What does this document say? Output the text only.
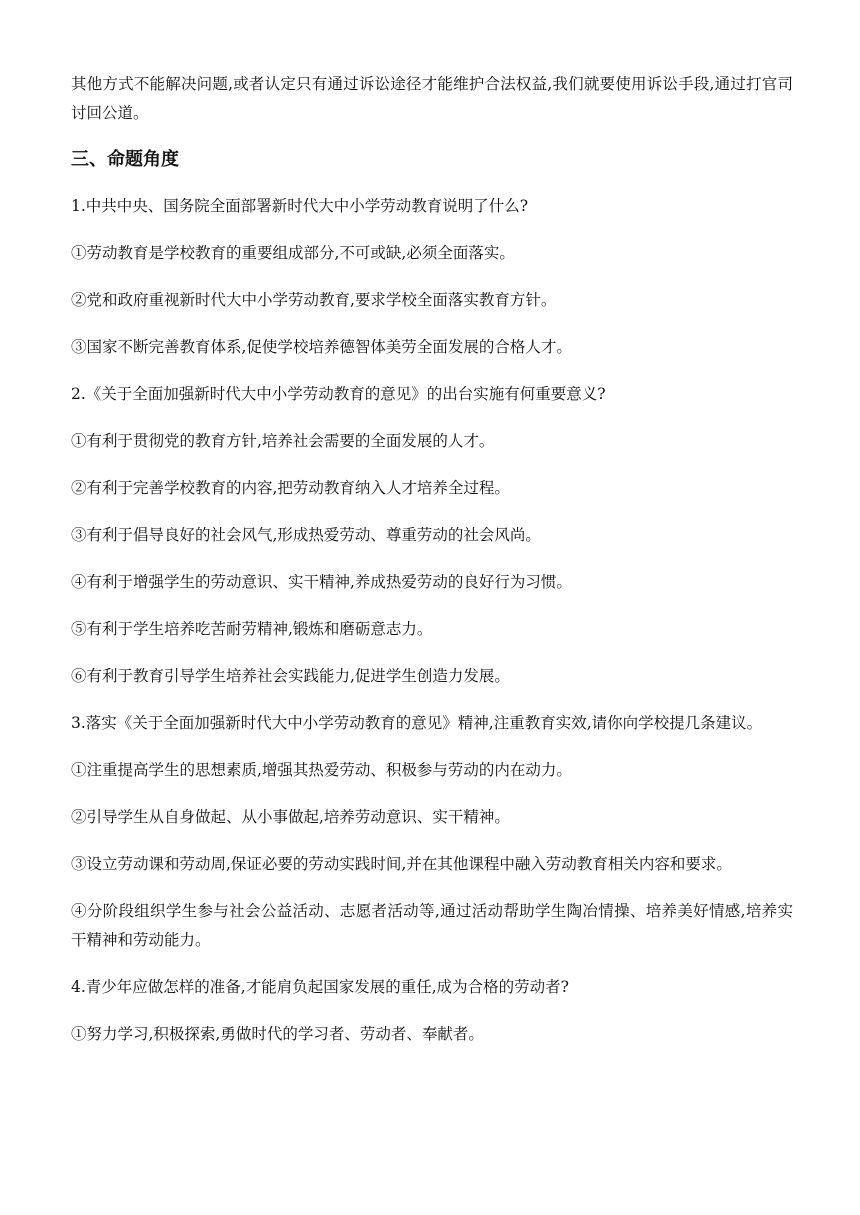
其他方式不能解决问题,或者认定只有通过诉讼途径才能维护合法权益,我们就要使用诉讼手段,通过打官司讨回公道。

三、命题角度

1.中共中央、国务院全面部署新时代大中小学劳动教育说明了什么?

①劳动教育是学校教育的重要组成部分,不可或缺,必须全面落实。

②党和政府重视新时代大中小学劳动教育,要求学校全面落实教育方针。

③国家不断完善教育体系,促使学校培养德智体美劳全面发展的合格人才。

2.《关于全面加强新时代大中小学劳动教育的意见》的出台实施有何重要意义?

①有利于贯彻党的教育方针,培养社会需要的全面发展的人才。

②有利于完善学校教育的内容,把劳动教育纳入人才培养全过程。

③有利于倡导良好的社会风气,形成热爱劳动、尊重劳动的社会风尚。

④有利于增强学生的劳动意识、实干精神,养成热爱劳动的良好行为习惯。

⑤有利于学生培养吃苦耐劳精神,锻炼和磨砺意志力。

⑥有利于教育引导学生培养社会实践能力,促进学生创造力发展。

3.落实《关于全面加强新时代大中小学劳动教育的意见》精神,注重教育实效,请你向学校提几条建议。

①注重提高学生的思想素质,增强其热爱劳动、积极参与劳动的内在动力。

②引导学生从自身做起、从小事做起,培养劳动意识、实干精神。

③设立劳动课和劳动周,保证必要的劳动实践时间,并在其他课程中融入劳动教育相关内容和要求。

④分阶段组织学生参与社会公益活动、志愿者活动等,通过活动帮助学生陶冶情操、培养美好情感,培养实干精神和劳动能力。

4.青少年应做怎样的准备,才能肩负起国家发展的重任,成为合格的劳动者?

①努力学习,积极探索,勇做时代的学习者、劳动者、奉献者。
